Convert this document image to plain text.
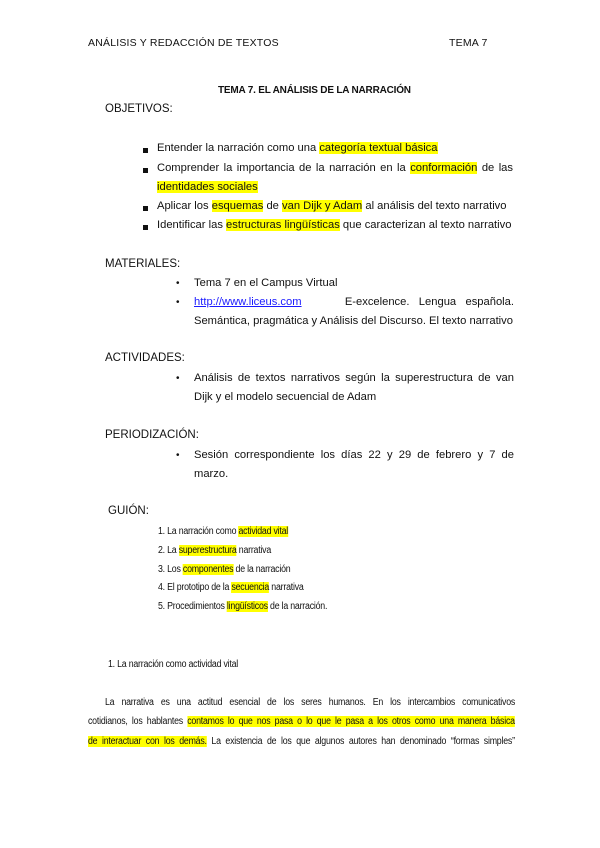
ANÁLISIS Y REDACCIÓN DE TEXTOS	TEMA 7
TEMA 7. EL ANÁLISIS DE LA NARRACIÓN
OBJETIVOS:
Entender la narración como una categoría textual básica
Comprender la importancia de la narración en la conformación de las
identidades sociales
Aplicar los esquemas de van Dijk y Adam al análisis del texto narrativo
Identificar las estructuras lingüísticas que caracterizan al texto narrativo
MATERIALES:
• Tema 7 en el Campus Virtual
• http://www.liceus.com	E-excelence.   Lengua   española.
Semántica, pragmática y Análisis del Discurso. El texto narrativo
ACTIVIDADES:
• Análisis de textos narrativos según la superestructura de van
Dijk y el modelo secuencial de Adam
PERIODIZACIÓN:
• Sesión correspondiente los días 22 y 29 de febrero y 7 de
marzo.
GUIÓN:
1. La narración como actividad vital
2. La superestructura narrativa
3. Los componentes de la narración
4. El prototipo de la secuencia narrativa
5. Procedimientos lingüísticos de la narración.
1. La narración como actividad vital
La narrativa es una actitud esencial de los seres humanos. En los intercambios comunicativos
cotidianos, los hablantes contamos lo que nos pasa o lo que le pasa a los otros como una manera básica
de interactuar con los demás. La existencia de los que algunos autores han denominado “formas simples”
